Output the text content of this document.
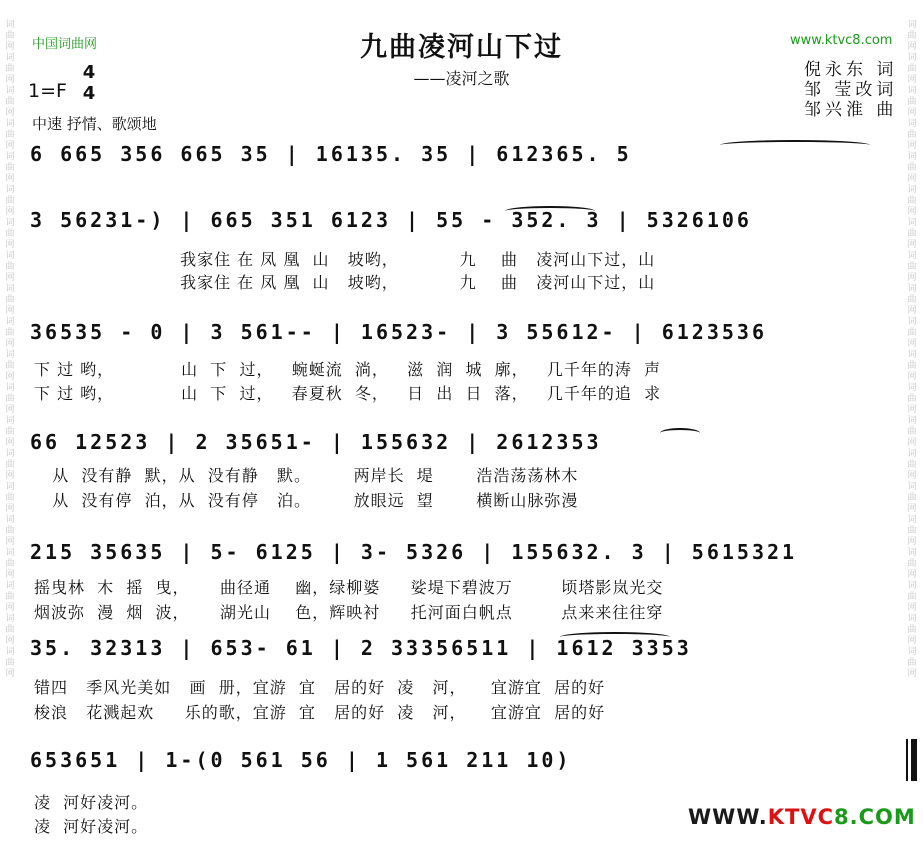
中国词曲网	www.ktvc8.com
词曲网词曲网词曲网词曲网词曲网词曲网词曲网词曲网词曲网词曲网词曲网词曲网词曲网词曲网词曲网词曲网词曲网词曲网词曲网词曲网
词曲网词曲网词曲网词曲网词曲网词曲网词曲网词曲网词曲网词曲网词曲网词曲网词曲网词曲网词曲网词曲网词曲网词曲网词曲网词曲网
九曲凌河山下过
——凌河之歌
1=F
4
4
中速 抒情、歌颂地
倪永东 词
邹 莹改词
邹兴淮 曲
6 665 356 665 35 | 16135. 35 | 612365. 5
3 56231-) | 665 351 6123 | 55 - 352. 3 | 5326106
我家住 在 凤 凰  山   坡哟，          九    曲   凌河山下过，山
我家住 在 凤 凰  山   坡哟，          九    曲   凌河山下过，山
36535 - 0 | 3 561-- | 16523- | 3 55612- | 6123536
下 过 哟，           山  下  过，   蜿蜒流  淌，   滋  润  城  廓，   几千年的涛  声
下 过 哟，           山  下  过，   春夏秋  冬，   日  出  日  落，   几千年的追  求
66 12523 | 2 35651- | 155632 | 2612353
从  没有静  默，从  没有静   默。       两岸长  堤       浩浩荡荡林木
从  没有停  泊，从  没有停   泊。       放眼远  望       横断山脉弥漫
215 35635 | 5- 6125 | 3- 5326 | 155632. 3 | 5615321
摇曳林  木  摇  曳，     曲径通    幽，绿柳婆     娑堤下碧波万        顷塔影岚光交
烟波弥  漫  烟  波，     湖光山    色，辉映衬     托河面白帆点        点来来往往穿
35. 32313 | 653- 61 | 2 33356511 | 1612 3353
错四   季风光美如   画  册，宜游  宜   居的好  凌   河，    宜游宜  居的好
梭浪   花溅起欢     乐的歌，宜游  宜   居的好  凌   河，    宜游宜  居的好
653651 | 1-(0 561 56 | 1 561 211 10)
凌  河好凌河。
凌  河好凌河。	WWW.KTVC8.COM
